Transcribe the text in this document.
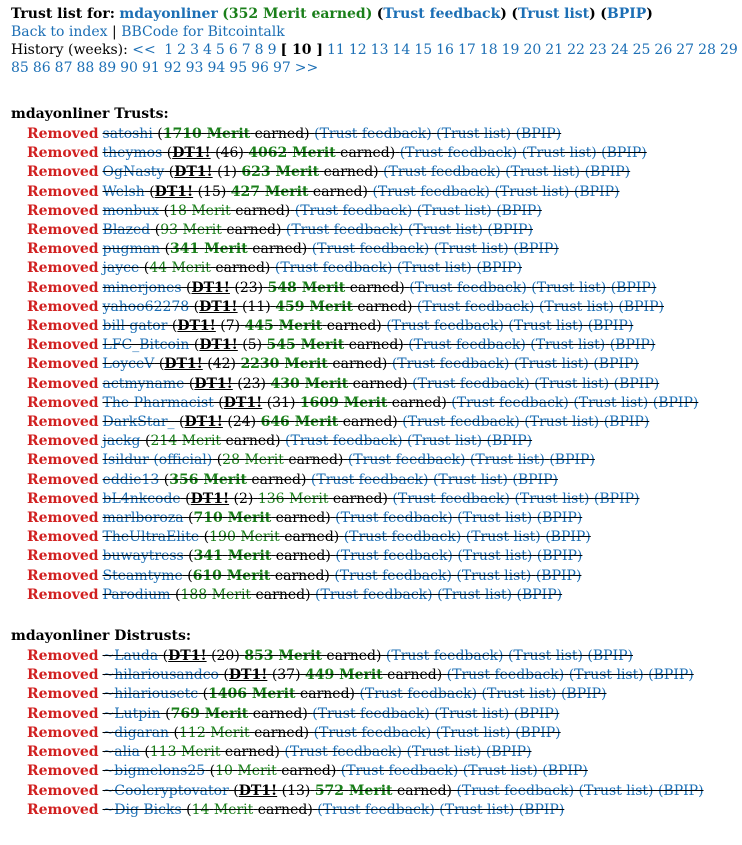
Trust list for: mdayonliner (352 Merit earned) (Trust feedback) (Trust list) (BPIP)
Back to index | BBCode for Bitcointalk
History (weeks): << 1 2 3 4 5 6 7 8 9 [ 10 ] 11 12 13 14 15 16 17 18 19 20 21 22 23 24 25 26 27 28 29
85 86 87 88 89 90 91 92 93 94 95 96 97 >>
mdayonliner Trusts:
Removed satoshi (1710 Merit earned) (Trust feedback) (Trust list) (BPIP)
Removed theymos (DT1! (46) 4062 Merit earned) (Trust feedback) (Trust list) (BPIP)
Removed OgNasty (DT1! (1) 623 Merit earned) (Trust feedback) (Trust list) (BPIP)
Removed Welsh (DT1! (15) 427 Merit earned) (Trust feedback) (Trust list) (BPIP)
Removed monbux (18 Merit earned) (Trust feedback) (Trust list) (BPIP)
Removed Blazed (93 Merit earned) (Trust feedback) (Trust list) (BPIP)
Removed pugman (341 Merit earned) (Trust feedback) (Trust list) (BPIP)
Removed jayce (44 Merit earned) (Trust feedback) (Trust list) (BPIP)
Removed minerjones (DT1! (23) 548 Merit earned) (Trust feedback) (Trust list) (BPIP)
Removed yahoo62278 (DT1! (11) 459 Merit earned) (Trust feedback) (Trust list) (BPIP)
Removed bill gator (DT1! (7) 445 Merit earned) (Trust feedback) (Trust list) (BPIP)
Removed LFC_Bitcoin (DT1! (5) 545 Merit earned) (Trust feedback) (Trust list) (BPIP)
Removed LoyceV (DT1! (42) 2230 Merit earned) (Trust feedback) (Trust list) (BPIP)
Removed actmyname (DT1! (23) 430 Merit earned) (Trust feedback) (Trust list) (BPIP)
Removed The Pharmacist (DT1! (31) 1609 Merit earned) (Trust feedback) (Trust list) (BPIP)
Removed DarkStar_ (DT1! (24) 646 Merit earned) (Trust feedback) (Trust list) (BPIP)
Removed jackg (214 Merit earned) (Trust feedback) (Trust list) (BPIP)
Removed Isildur (official) (28 Merit earned) (Trust feedback) (Trust list) (BPIP)
Removed eddie13 (356 Merit earned) (Trust feedback) (Trust list) (BPIP)
Removed bL4nkcode (DT1! (2) 136 Merit earned) (Trust feedback) (Trust list) (BPIP)
Removed marlboroza (710 Merit earned) (Trust feedback) (Trust list) (BPIP)
Removed TheUltraElite (190 Merit earned) (Trust feedback) (Trust list) (BPIP)
Removed buwaytress (341 Merit earned) (Trust feedback) (Trust list) (BPIP)
Removed Steamtyme (610 Merit earned) (Trust feedback) (Trust list) (BPIP)
Removed Parodium (188 Merit earned) (Trust feedback) (Trust list) (BPIP)
mdayonliner Distrusts:
Removed ~Lauda (DT1! (20) 853 Merit earned) (Trust feedback) (Trust list) (BPIP)
Removed ~hilariousandco (DT1! (37) 449 Merit earned) (Trust feedback) (Trust list) (BPIP)
Removed ~hilariousetc (1406 Merit earned) (Trust feedback) (Trust list) (BPIP)
Removed ~Lutpin (769 Merit earned) (Trust feedback) (Trust list) (BPIP)
Removed ~digaran (112 Merit earned) (Trust feedback) (Trust list) (BPIP)
Removed ~alia (113 Merit earned) (Trust feedback) (Trust list) (BPIP)
Removed ~bigmelons25 (10 Merit earned) (Trust feedback) (Trust list) (BPIP)
Removed ~Coolcryptovator (DT1! (13) 572 Merit earned) (Trust feedback) (Trust list) (BPIP)
Removed ~Dig Bicks (14 Merit earned) (Trust feedback) (Trust list) (BPIP)
